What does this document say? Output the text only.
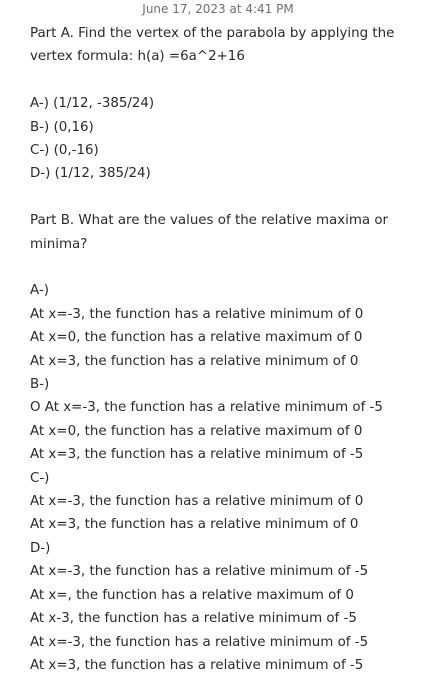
June 17, 2023 at 4:41 PM
Part A. Find the vertex of the parabola by applying the
vertex formula: h(a) =6a^2+16
A-) (1/12, -385/24)
B-) (0,16)
C-) (0,-16)
D-) (1/12, 385/24)
Part B. What are the values of the relative maxima or
minima?
A-)
At x=-3, the function has a relative minimum of 0
At x=0, the function has a relative maximum of 0
At x=3, the function has a relative minimum of 0
B-)
O At x=-3, the function has a relative minimum of -5
At x=0, the function has a relative maximum of 0
At x=3, the function has a relative minimum of -5
C-)
At x=-3, the function has a relative minimum of 0
At x=3, the function has a relative minimum of 0
D-)
At x=-3, the function has a relative minimum of -5
At x=, the function has a relative maximum of 0
At x-3, the function has a relative minimum of -5
At x=-3, the function has a relative minimum of -5
At x=3, the function has a relative minimum of -5
